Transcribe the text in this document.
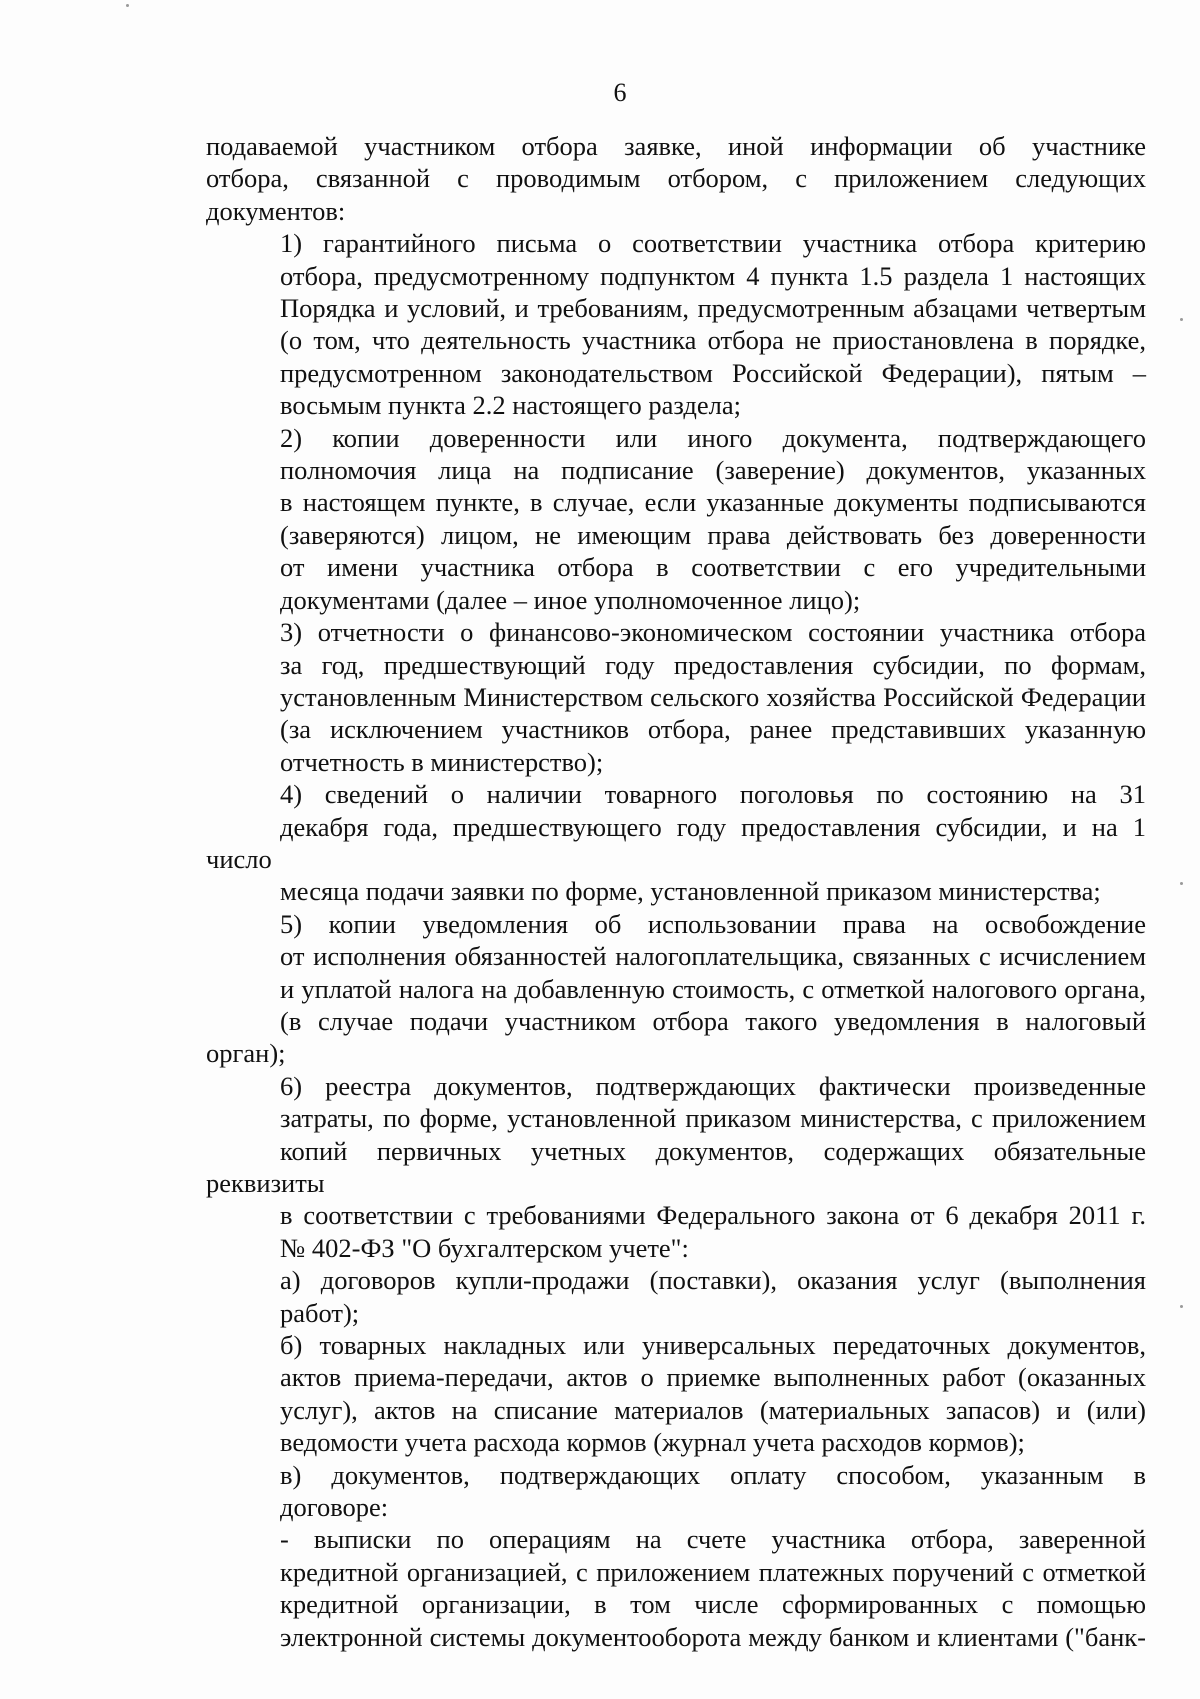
6

подаваемой участником отбора заявке, иной информации об участнике
отбора, связанной с проводимым отбором, с приложением следующих
документов:

1) гарантийного письма о соответствии участника отбора критерию
отбора, предусмотренному подпунктом 4 пункта 1.5 раздела 1 настоящих
Порядка и условий, и требованиям, предусмотренным абзацами четвертым
(о том, что деятельность участника отбора не приостановлена в порядке,
предусмотренном законодательством Российской Федерации), пятым –
восьмым пункта 2.2 настоящего раздела;

2) копии доверенности или иного документа, подтверждающего
полномочия лица на подписание (заверение) документов, указанных
в настоящем пункте, в случае, если указанные документы подписываются
(заверяются) лицом, не имеющим права действовать без доверенности
от имени участника отбора в соответствии с его учредительными
документами (далее – иное уполномоченное лицо);

3) отчетности о финансово-экономическом состоянии участника отбора
за год, предшествующий году предоставления субсидии, по формам,
установленным Министерством сельского хозяйства Российской Федерации
(за исключением участников отбора, ранее представивших указанную
отчетность в министерство);

4) сведений о наличии товарного поголовья по состоянию на 31
декабря года, предшествующего году предоставления субсидии, и на 1 число
месяца подачи заявки по форме, установленной приказом министерства;

5) копии уведомления об использовании права на освобождение
от исполнения обязанностей налогоплательщика, связанных с исчислением
и уплатой налога на добавленную стоимость, с отметкой налогового органа,
(в случае подачи участником отбора такого уведомления в налоговый орган);

6) реестра документов, подтверждающих фактически произведенные
затраты, по форме, установленной приказом министерства, с приложением
копий первичных учетных документов, содержащих обязательные реквизиты
в соответствии с требованиями Федерального закона от 6 декабря 2011 г.
№ 402-ФЗ "О бухгалтерском учете":

а) договоров купли-продажи (поставки), оказания услуг (выполнения
работ);

б) товарных накладных или универсальных передаточных документов,
актов приема-передачи, актов о приемке выполненных работ (оказанных
услуг), актов на списание материалов (материальных запасов) и (или)
ведомости учета расхода кормов (журнал учета расходов кормов);

в) документов, подтверждающих оплату способом, указанным в
договоре:

- выписки по операциям на счете участника отбора, заверенной
кредитной организацией, с приложением платежных поручений с отметкой
кредитной организации, в том числе сформированных с помощью
электронной системы документооборота между банком и клиентами ("банк-
